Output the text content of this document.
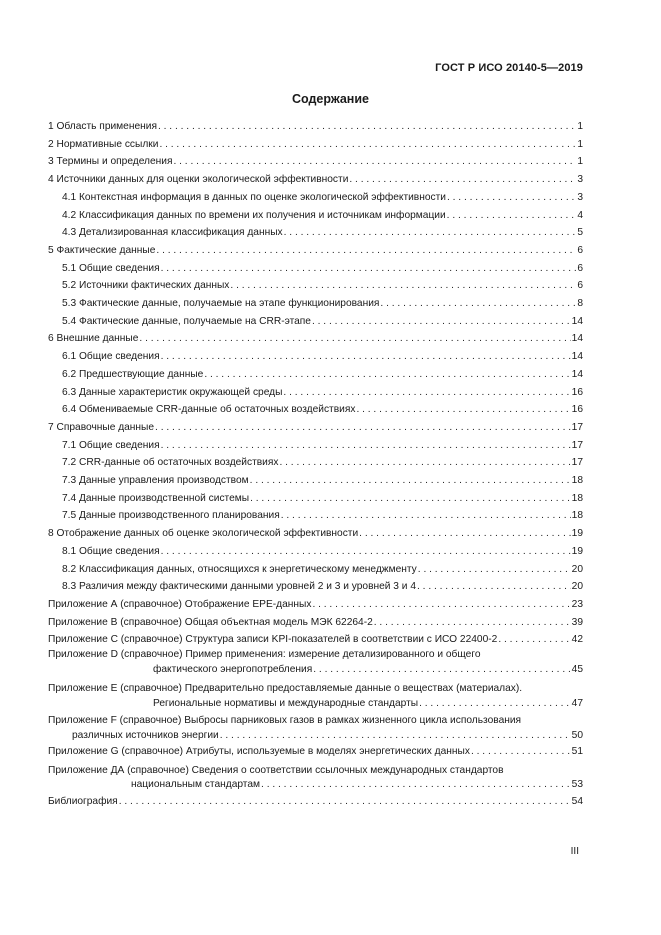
ГОСТ Р ИСО 20140-5—2019
Содержание
1 Область применения . . .	1
2 Нормативные ссылки . . .	1
3 Термины и определения . . .	1
4 Источники данных для оценки экологической эффективности . . .	3
4.1 Контекстная информация в данных по оценке экологической эффективности . . .	3
4.2 Классификация данных по времени их получения и источникам информации . . .	4
4.3 Детализированная классификация данных . . .	5
5 Фактические данные . . .	6
5.1 Общие сведения . . .	6
5.2 Источники фактических данных . . .	6
5.3 Фактические данные, получаемые на этапе функционирования . . .	8
5.4 Фактические данные, получаемые на CRR-этапе . . .	14
6 Внешние данные . . .	14
6.1 Общие сведения . . .	14
6.2 Предшествующие данные . . .	14
6.3 Данные характеристик окружающей среды . . .	16
6.4 Обмениваемые CRR-данные об остаточных воздействиях . . .	16
7 Справочные данные . . .	17
7.1 Общие сведения . . .	17
7.2 CRR-данные об остаточных воздействиях . . .	17
7.3 Данные управления производством . . .	18
7.4 Данные производственной системы . . .	18
7.5 Данные производственного планирования . . .	18
8 Отображение данных об оценке экологической эффективности . . .	19
8.1 Общие сведения . . .	19
8.2 Классификация данных, относящихся к энергетическому менеджменту . . .	20
8.3 Различия между фактическими данными уровней 2 и 3 и уровней 3 и 4 . . .	20
Приложение А (справочное) Отображение EPE-данных . . .	23
Приложение В (справочное) Общая объектная модель МЭК 62264-2 . . .	39
Приложение С (справочное) Структура записи KPI-показателей в соответствии с ИСО 22400-2 . . .	42
Приложение D (справочное) Пример применения: измерение детализированного и общего
фактического энергопотребления . . .	45
Приложение E (справочное) Предварительно предоставляемые данные о веществах (материалах).
Региональные нормативы и международные стандарты . . .	47
Приложение F (справочное) Выбросы парниковых газов в рамках жизненного цикла использования
различных источников энергии . . .	50
Приложение G (справочное) Атрибуты, используемые в моделях энергетических данных . . .	51
Приложение ДА (справочное) Сведения о соответствии ссылочных международных стандартов
национальным стандартам . . .	53
Библиография . . .	54
III
